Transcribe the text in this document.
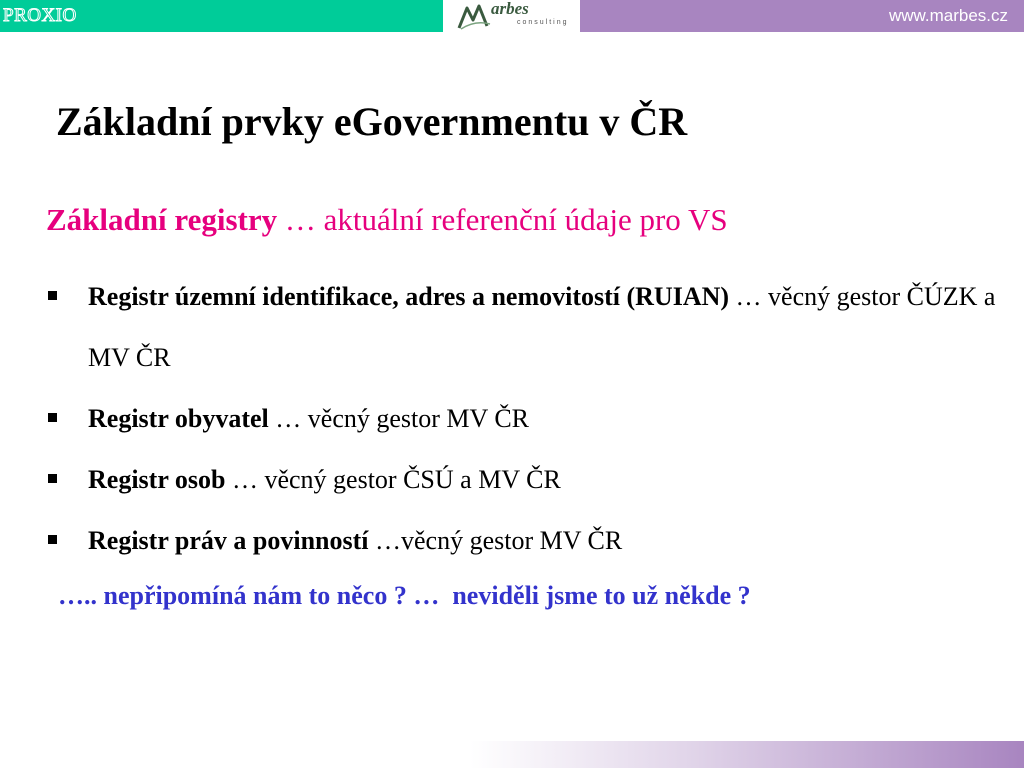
PROXIO	arbes
consulting	www.marbes.cz
Základní prvky eGovernmentu v ČR
Základní registry … aktuální referenční údaje pro VS
Registr územní identifikace, adres a nemovitostí (RUIAN) … věcný gestor ČÚZK a MV ČR
Registr obyvatel … věcný gestor MV ČR
Registr osob … věcný gestor ČSÚ a MV ČR
Registr práv a povinností …věcný gestor MV ČR
….. nepřipomíná nám to něco ? …  neviděli jsme to už někde ?
